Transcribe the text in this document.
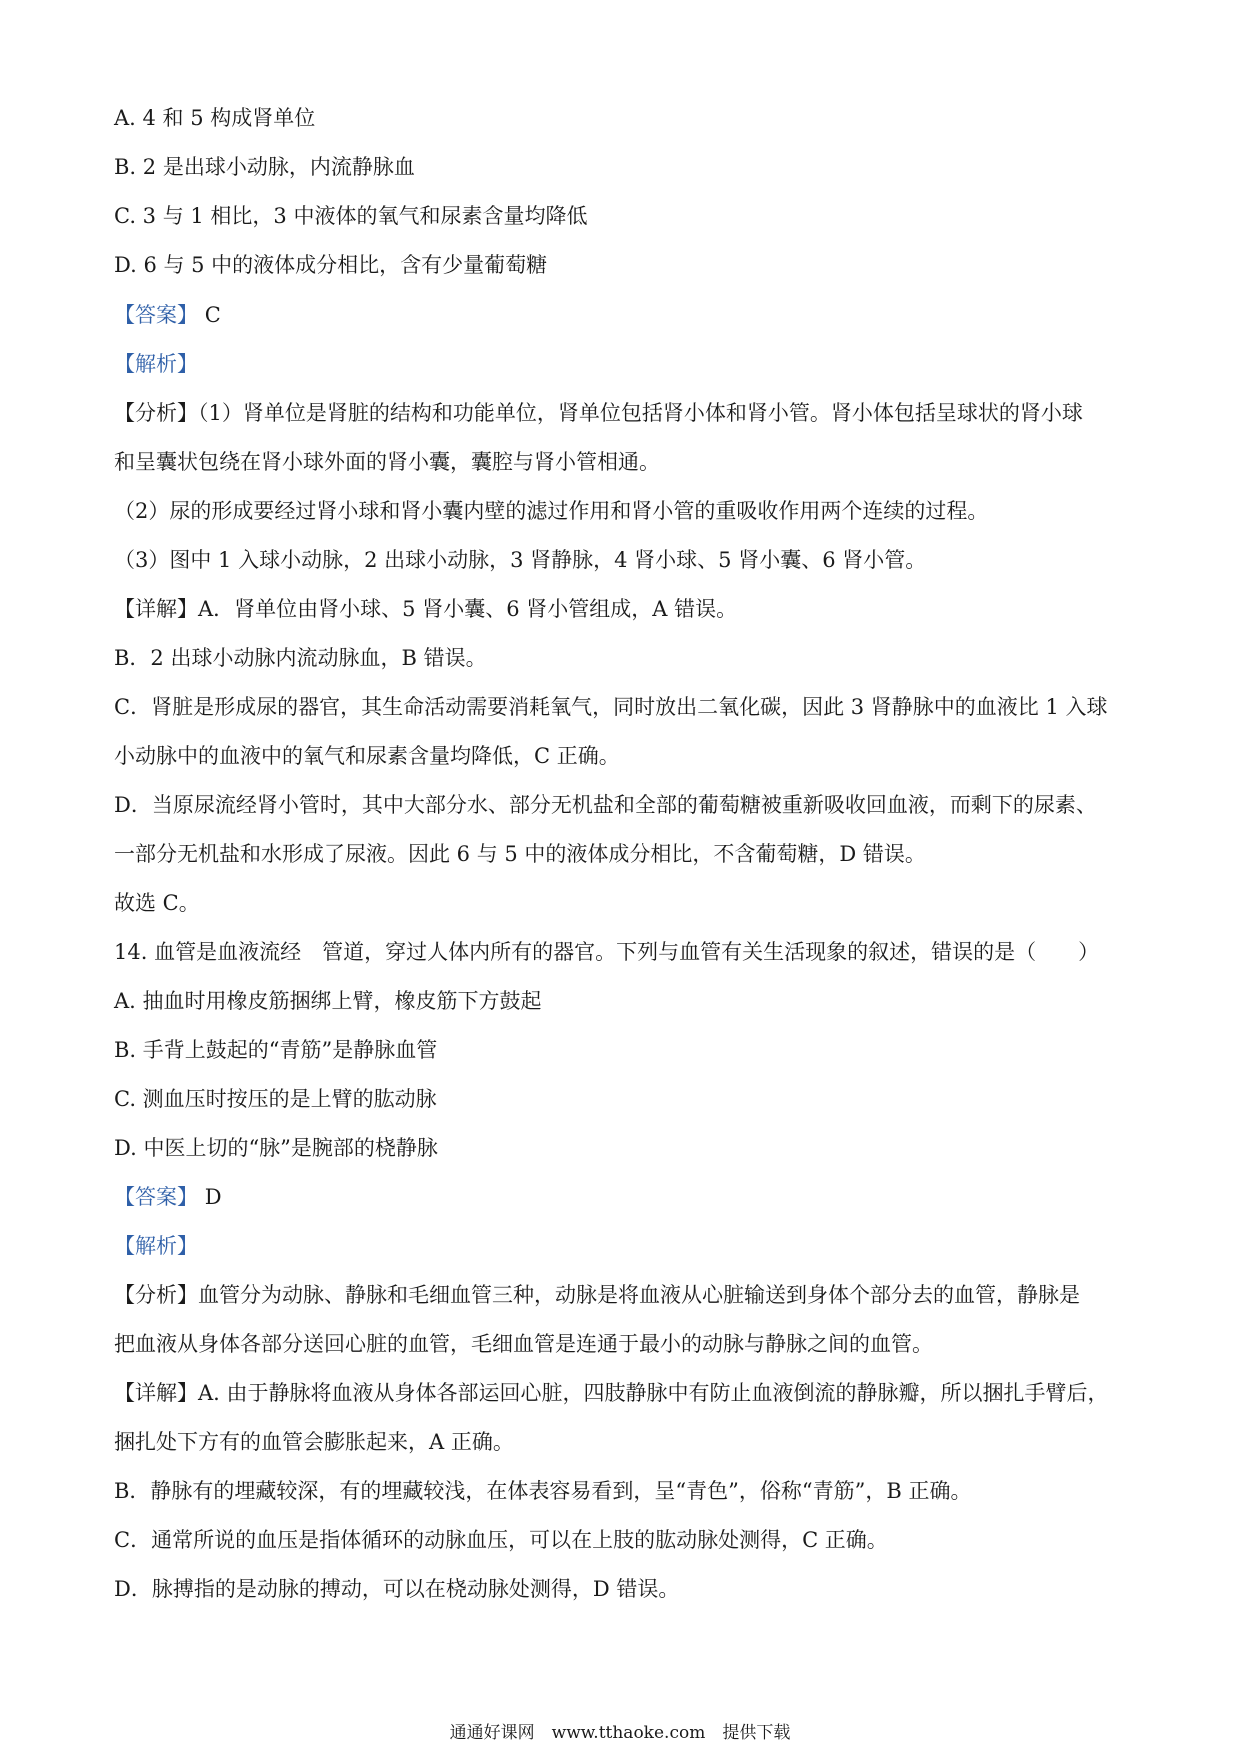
A. 4 和 5 构成肾单位
B. 2 是出球小动脉，内流静脉血
C. 3 与 1 相比，3 中液体的氧气和尿素含量均降低
D. 6 与 5 中的液体成分相比，含有少量葡萄糖
【答案】 C
【解析】
【分析】（1）肾单位是肾脏的结构和功能单位，肾单位包括肾小体和肾小管。肾小体包括呈球状的肾小球
和呈囊状包绕在肾小球外面的肾小囊，囊腔与肾小管相通。
（2）尿的形成要经过肾小球和肾小囊内壁的滤过作用和肾小管的重吸收作用两个连续的过程。
（3）图中 1 入球小动脉，2 出球小动脉，3 肾静脉，4 肾小球、5 肾小囊、6 肾小管。
【详解】A．肾单位由肾小球、5 肾小囊、6 肾小管组成，A 错误。
B．2 出球小动脉内流动脉血，B 错误。
C．肾脏是形成尿的器官，其生命活动需要消耗氧气，同时放出二氧化碳，因此 3 肾静脉中的血液比 1 入球
小动脉中的血液中的氧气和尿素含量均降低，C 正确。
D．当原尿流经肾小管时，其中大部分水、部分无机盐和全部的葡萄糖被重新吸收回血液，而剩下的尿素、
一部分无机盐和水形成了尿液。因此 6 与 5 中的液体成分相比，不含葡萄糖，D 错误。
故选 C。
14. 血管是血液流经　管道，穿过人体内所有的器官。下列与血管有关生活现象的叙述，错误的是（　　）
A. 抽血时用橡皮筋捆绑上臂，橡皮筋下方鼓起
B. 手背上鼓起的“青筋”是静脉血管
C. 测血压时按压的是上臂的肱动脉
D. 中医上切的“脉”是腕部的桡静脉
【答案】 D
【解析】
【分析】血管分为动脉、静脉和毛细血管三种，动脉是将血液从心脏输送到身体个部分去的血管，静脉是
把血液从身体各部分送回心脏的血管，毛细血管是连通于最小的动脉与静脉之间的血管。
【详解】A. 由于静脉将血液从身体各部运回心脏，四肢静脉中有防止血液倒流的静脉瓣，所以捆扎手臂后，
捆扎处下方有的血管会膨胀起来，A 正确。
B．静脉有的埋藏较深，有的埋藏较浅，在体表容易看到，呈“青色”，俗称“青筋”，B 正确。
C．通常所说的血压是指体循环的动脉血压，可以在上肢的肱动脉处测得，C 正确。
D．脉搏指的是动脉的搏动，可以在桡动脉处测得，D 错误。
通通好课网　www.tthaoke.com　提供下载
